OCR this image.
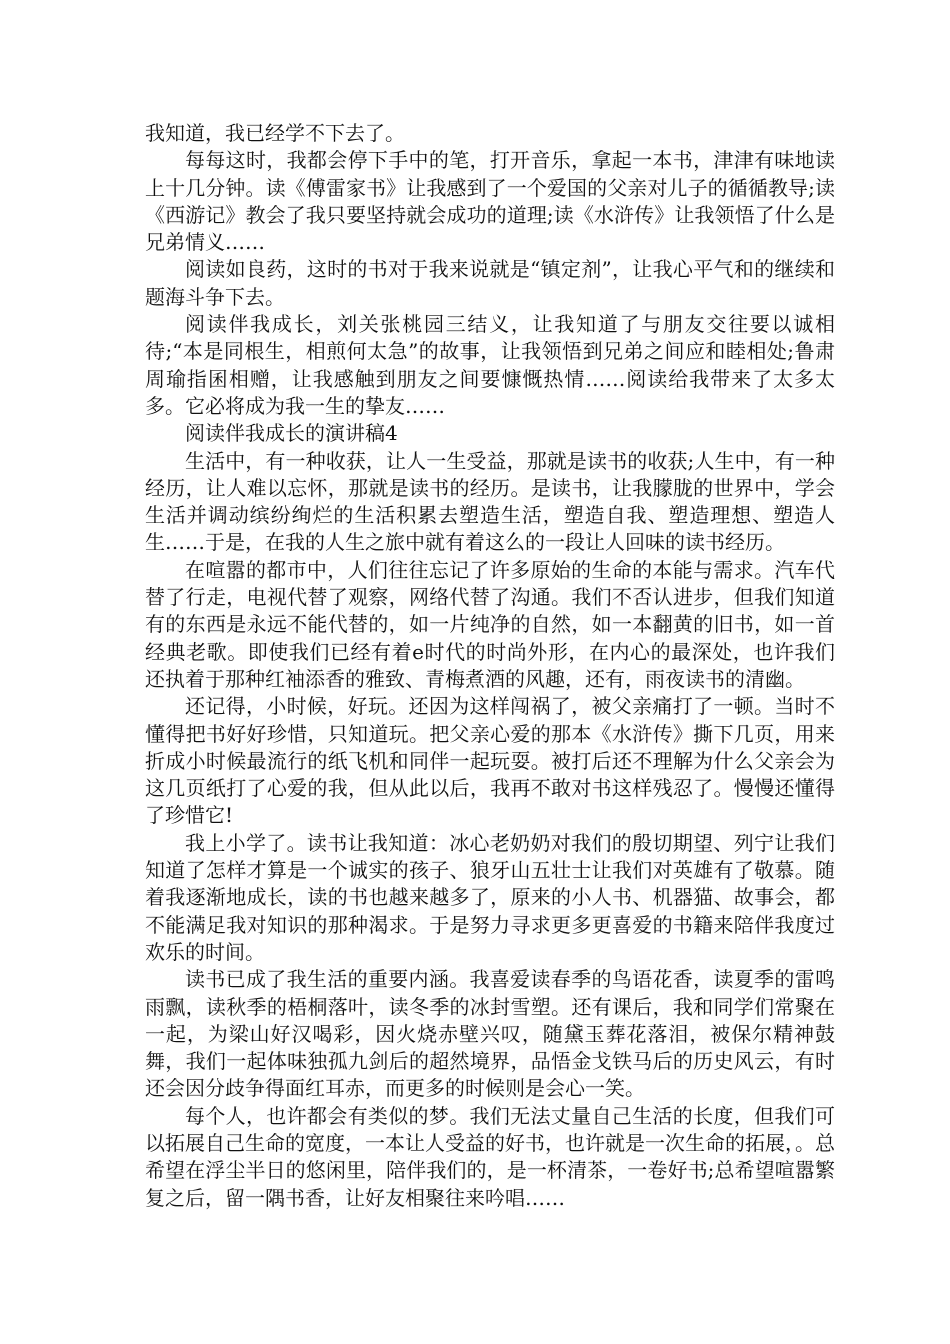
我知道，我已经学不下去了。

每每这时，我都会停下手中的笔，打开音乐，拿起一本书，津津有味地读上十几分钟。读《傅雷家书》让我感到了一个爱国的父亲对儿子的循循教导;读《西游记》教会了我只要坚持就会成功的道理;读《水浒传》让我领悟了什么是兄弟情义……

阅读如良药，这时的书对于我来说就是“镇定剂”，让我心平气和的继续和题海斗争下去。

阅读伴我成长，刘关张桃园三结义，让我知道了与朋友交往要以诚相待;“本是同根生，相煎何太急”的故事，让我领悟到兄弟之间应和睦相处;鲁肃周瑜指囷相赠，让我感触到朋友之间要慷慨热情……阅读给我带来了太多太多。它必将成为我一生的挚友……

阅读伴我成长的演讲稿4

生活中，有一种收获，让人一生受益，那就是读书的收获;人生中，有一种经历，让人难以忘怀，那就是读书的经历。是读书，让我朦胧的世界中，学会生活并调动缤纷绚烂的生活积累去塑造生活，塑造自我、塑造理想、塑造人生……于是，在我的人生之旅中就有着这么的一段让人回味的读书经历。

在喧嚣的都市中，人们往往忘记了许多原始的生命的本能与需求。汽车代替了行走，电视代替了观察，网络代替了沟通。我们不否认进步，但我们知道有的东西是永远不能代替的，如一片纯净的自然，如一本翻黄的旧书，如一首经典老歌。即使我们已经有着e时代的时尚外形，在内心的最深处，也许我们还执着于那种红袖添香的雅致、青梅煮酒的风趣，还有，雨夜读书的清幽。

还记得，小时候，好玩。还因为这样闯祸了，被父亲痛打了一顿。当时不懂得把书好好珍惜，只知道玩。把父亲心爱的那本《水浒传》撕下几页，用来折成小时候最流行的纸飞机和同伴一起玩耍。被打后还不理解为什么父亲会为这几页纸打了心爱的我，但从此以后，我再不敢对书这样残忍了。慢慢还懂得了珍惜它!

我上小学了。读书让我知道：冰心老奶奶对我们的殷切期望、列宁让我们知道了怎样才算是一个诚实的孩子、狼牙山五壮士让我们对英雄有了敬慕。随着我逐渐地成长，读的书也越来越多了，原来的小人书、机器猫、故事会，都不能满足我对知识的那种渴求。于是努力寻求更多更喜爱的书籍来陪伴我度过欢乐的时间。

读书已成了我生活的重要内涵。我喜爱读春季的鸟语花香，读夏季的雷鸣雨飘，读秋季的梧桐落叶，读冬季的冰封雪塑。还有课后，我和同学们常聚在一起，为梁山好汉喝彩，因火烧赤壁兴叹，随黛玉葬花落泪，被保尔精神鼓舞，我们一起体味独孤九剑后的超然境界，品悟金戈铁马后的历史风云，有时还会因分歧争得面红耳赤，而更多的时候则是会心一笑。

每个人，也许都会有类似的梦。我们无法丈量自己生活的长度，但我们可以拓展自己生命的宽度，一本让人受益的好书，也许就是一次生命的拓展，。总希望在浮尘半日的悠闲里，陪伴我们的，是一杯清茶，一卷好书;总希望喧嚣繁复之后，留一隅书香，让好友相聚往来吟唱……
